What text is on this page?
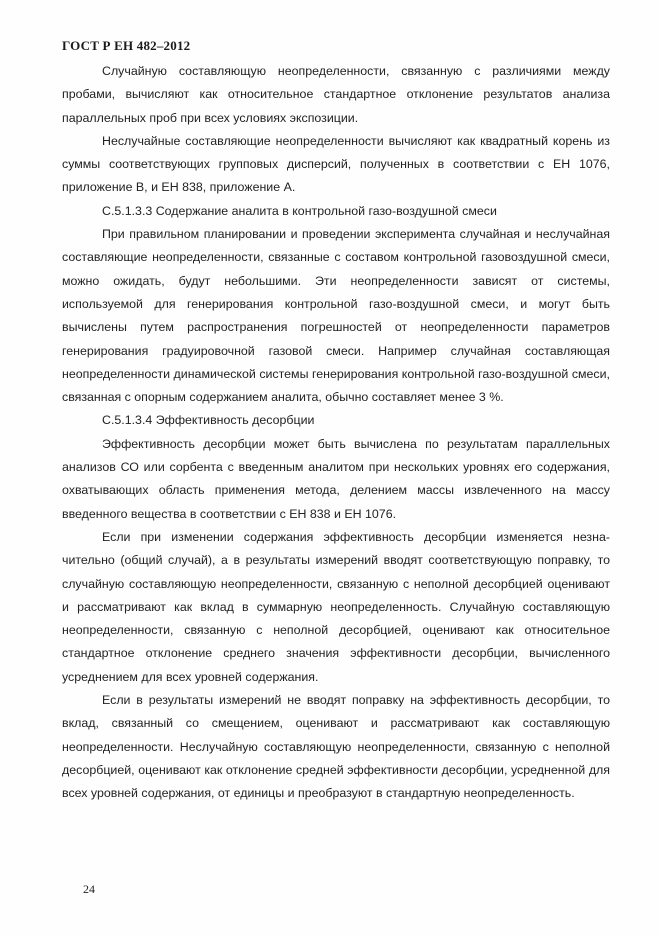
ГОСТ Р ЕН 482–2012

Случайную составляющую неопределенности, связанную с различиями между пробами, вычисляют как относительное стандартное отклонение результатов анализа параллельных проб при всех условиях экспозиции.

Неслучайные составляющие неопределенности вычисляют как квадратный корень из суммы соответствующих групповых дисперсий, полученных в соответствии с ЕН 1076, приложение В, и ЕН 838, приложение А.

С.5.1.3.3 Содержание аналита в контрольной газо-воздушной смеси

При правильном планировании и проведении эксперимента случайная и неслучайная составляющие неопределенности, связанные с составом контрольной газовоздушной смеси, можно ожидать, будут небольшими. Эти неопределенности зависят от системы, используемой для генерирования контрольной газо-воздушной смеси, и могут быть вычислены путем распространения погрешностей от неопределенности параметров генерирования градуировочной газовой смеси. Например случайная составляющая неопределенности динамической системы генерирования контрольной газо-воздушной смеси, связанная с опорным содержанием аналита, обычно составляет менее 3 %.

С.5.1.3.4 Эффективность десорбции

Эффективность десорбции может быть вычислена по результатам параллельных анализов СО или сорбента с введенным аналитом при нескольких уровнях его содержания, охватывающих область применения метода, делением массы извлеченного на массу введенного вещества в соответствии с ЕН 838 и ЕН 1076.

Если при изменении содержания эффективность десорбции изменяется незначительно (общий случай), а в результаты измерений вводят соответствующую поправку, то случайную составляющую неопределенности, связанную с неполной десорбцией оценивают и рассматривают как вклад в суммарную неопределенность. Случайную составляющую неопределенности, связанную с неполной десорбцией, оценивают как относительное стандартное отклонение среднего значения эффективности десорбции, вычисленного усреднением для всех уровней содержания.

Если в результаты измерений не вводят поправку на эффективность десорбции, то вклад, связанный со смещением, оценивают и рассматривают как составляющую неопределенности. Неслучайную составляющую неопределенности, связанную с неполной десорбцией, оценивают как отклонение средней эффективности десорбции, усредненной для всех уровней содержания, от единицы и преобразуют в стандартную неопределенность.

24
